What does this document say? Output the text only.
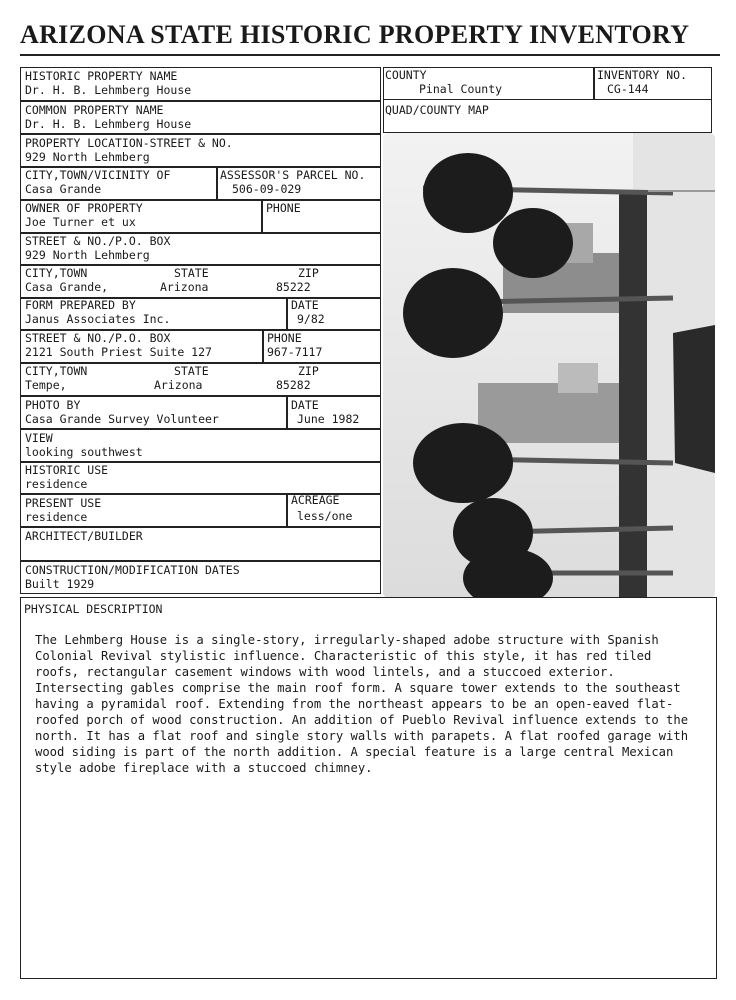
ARIZONA STATE HISTORIC PROPERTY INVENTORY
HISTORIC PROPERTY NAME
Dr. H. B. Lehmberg House
COMMON PROPERTY NAME
Dr. H. B. Lehmberg House
PROPERTY LOCATION-STREET & NO.
929 North Lehmberg
CITY,TOWN/VICINITY OF
Casa Grande
ASSESSOR'S PARCEL NO.
506-09-029
OWNER OF PROPERTY
Joe Turner et ux
PHONE
STREET & NO./P.O. BOX
929 North Lehmberg
CITY,TOWN
Casa Grande,
STATE
Arizona
ZIP
85222
FORM PREPARED BY
Janus Associates Inc.
DATE
9/82
STREET & NO./P.O. BOX
2121 South Priest Suite 127
PHONE
967-7117
CITY,TOWN
Tempe,
STATE
Arizona
ZIP
85282
PHOTO BY
Casa Grande Survey Volunteer
DATE
June 1982
VIEW
looking southwest
HISTORIC USE
residence
PRESENT USE
residence
ACREAGE
less/one
ARCHITECT/BUILDER
CONSTRUCTION/MODIFICATION DATES
Built 1929
COUNTY
Pinal County
INVENTORY NO.
CG-144
QUAD/COUNTY MAP
PHYSICAL DESCRIPTION
The Lehmberg House is a single-story, irregularly-shaped adobe structure with Spanish Colonial Revival stylistic influence. Characteristic of this style, it has red tiled roofs, rectangular casement windows with wood lintels, and a stuccoed exterior. Intersecting gables comprise the main roof form. A square tower extends to the southeast having a pyramidal roof. Extending from the northeast appears to be an open-eaved flat-roofed porch of wood construction. An addition of Pueblo Revival influence extends to the north. It has a flat roof and single story walls with parapets. A flat roofed garage with wood siding is part of the north addition. A special feature is a large central Mexican style adobe fireplace with a stuccoed chimney.
